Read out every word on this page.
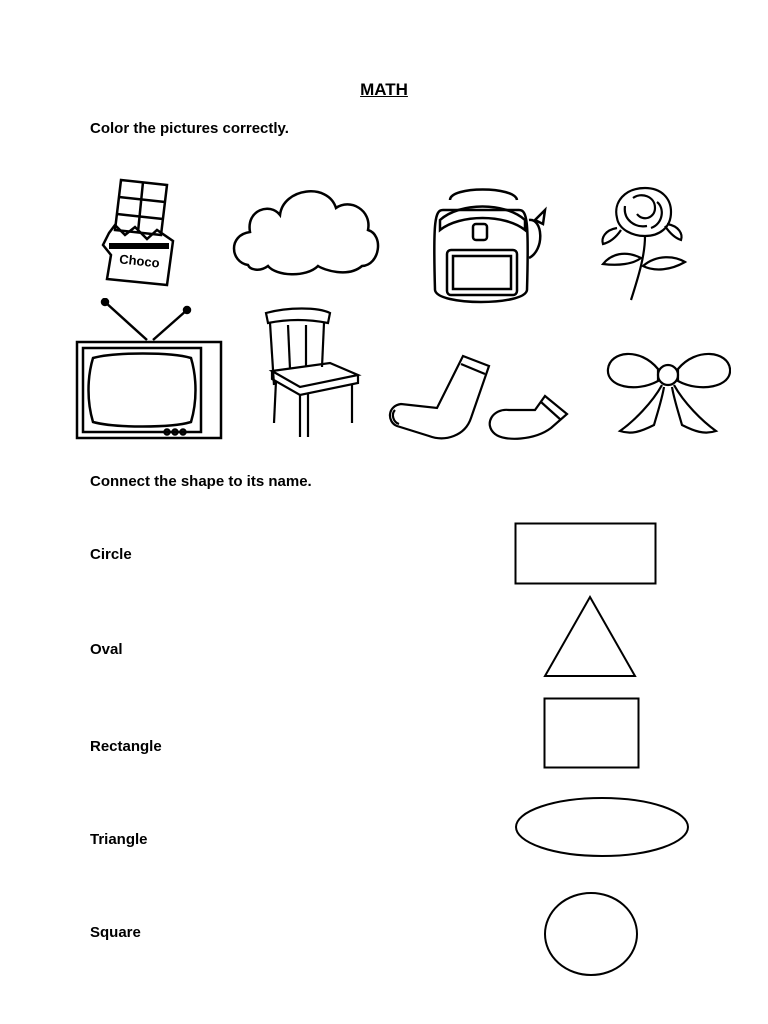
MATH
Color the pictures correctly.
Choco
Connect the shape to its name.
Circle
Oval
Rectangle
Triangle
Square
